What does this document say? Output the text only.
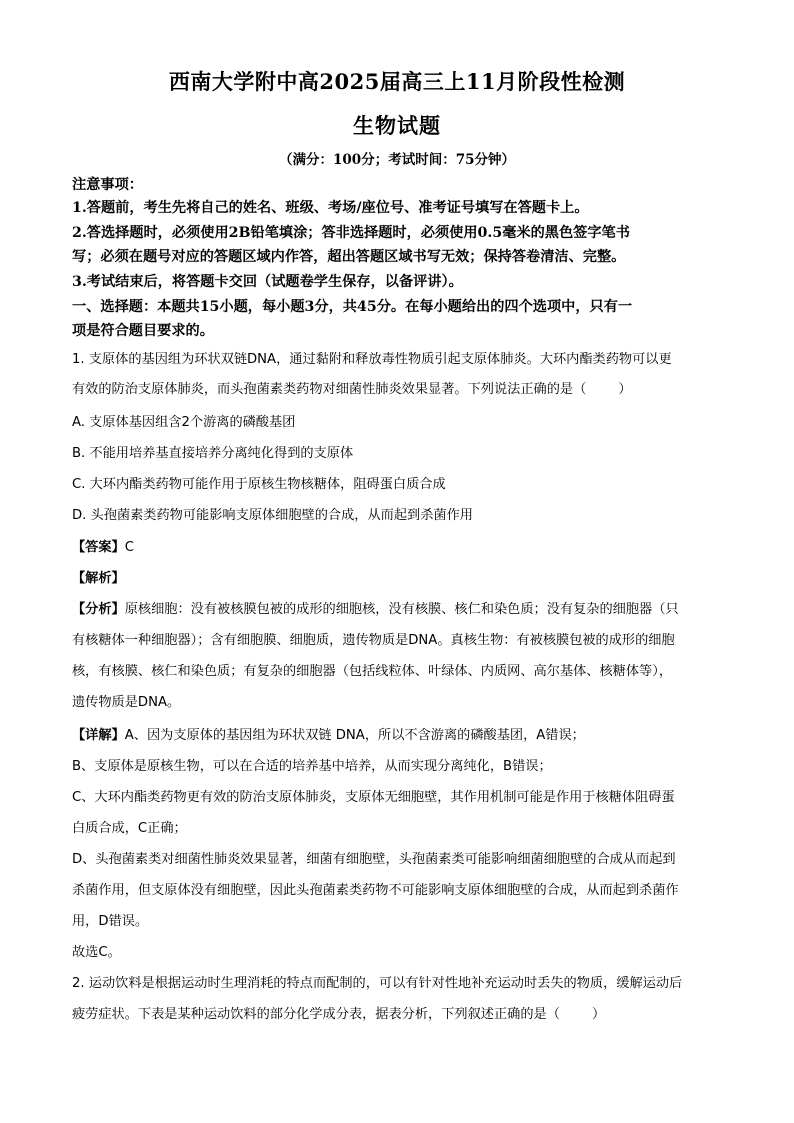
西南大学附中高2025届高三上11月阶段性检测
生物试题
（满分：100分；考试时间：75分钟）
注意事项：
1.答题前，考生先将自己的姓名、班级、考场/座位号、准考证号填写在答题卡上。
2.答选择题时，必须使用2B铅笔填涂；答非选择题时，必须使用0.5毫米的黑色签字笔书
写；必须在题号对应的答题区域内作答，超出答题区域书写无效；保持答卷清洁、完整。
3.考试结束后，将答题卡交回（试题卷学生保存，以备评讲）。
一、选择题：本题共15小题，每小题3分，共45分。在每小题给出的四个选项中，只有一
项是符合题目要求的。
1. 支原体的基因组为环状双链DNA，通过黏附和释放毒性物质引起支原体肺炎。大环内酯类药物可以更
有效的防治支原体肺炎，而头孢菌素类药物对细菌性肺炎效果显著。下列说法正确的是（ ）
A. 支原体基因组含2个游离的磷酸基团
B. 不能用培养基直接培养分离纯化得到的支原体
C. 大环内酯类药物可能作用于原核生物核糖体，阻碍蛋白质合成
D. 头孢菌素类药物可能影响支原体细胞壁的合成，从而起到杀菌作用
【答案】C
【解析】
【分析】原核细胞：没有被核膜包被的成形的细胞核，没有核膜、核仁和染色质；没有复杂的细胞器（只
有核糖体一种细胞器）；含有细胞膜、细胞质，遗传物质是DNA。真核生物：有被核膜包被的成形的细胞
核，有核膜、核仁和染色质；有复杂的细胞器（包括线粒体、叶绿体、内质网、高尔基体、核糖体等），
遗传物质是DNA。
【详解】A、因为支原体的基因组为环状双链 DNA，所以不含游离的磷酸基团，A错误；
B、支原体是原核生物，可以在合适的培养基中培养，从而实现分离纯化，B错误；
C、大环内酯类药物更有效的防治支原体肺炎，支原体无细胞壁，其作用机制可能是作用于核糖体阻碍蛋
白质合成，C正确；
D、头孢菌素类对细菌性肺炎效果显著，细菌有细胞壁，头孢菌素类可能影响细菌细胞壁的合成从而起到
杀菌作用，但支原体没有细胞壁，因此头孢菌素类药物不可能影响支原体细胞壁的合成，从而起到杀菌作
用，D错误。
故选C。
2. 运动饮料是根据运动时生理消耗的特点而配制的，可以有针对性地补充运动时丢失的物质，缓解运动后
疲劳症状。下表是某种运动饮料的部分化学成分表，据表分析，下列叙述正确的是（ ）
